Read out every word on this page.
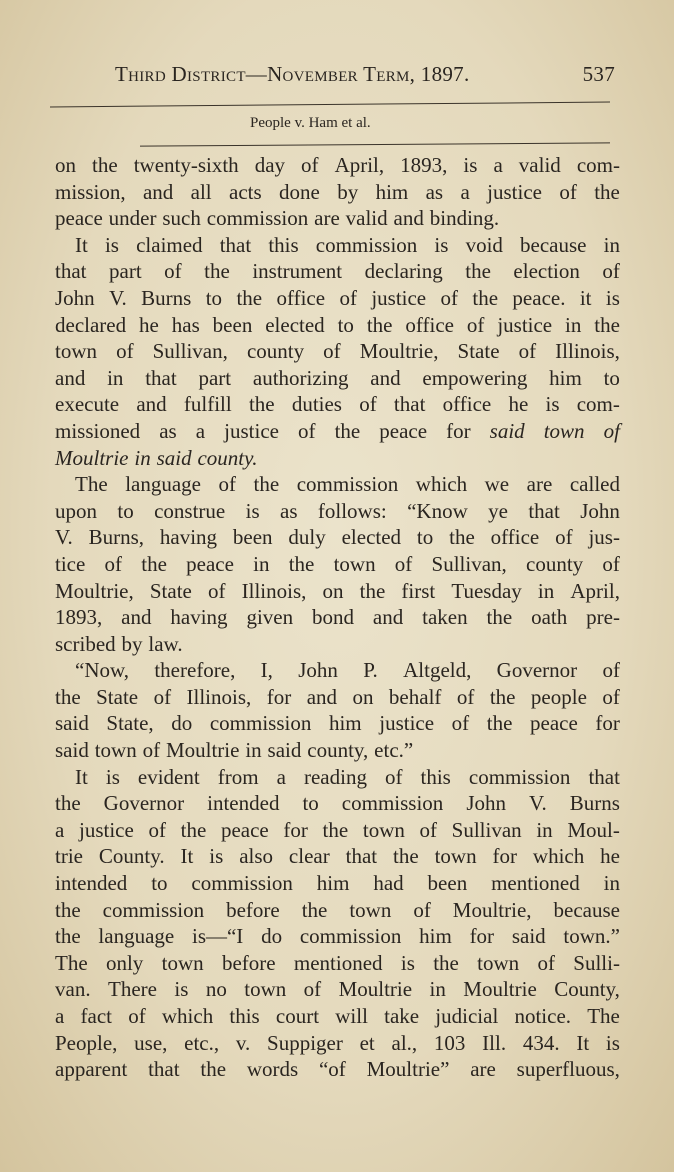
Third District—November Term, 1897.	537
People v. Ham et al.
on the twenty-sixth day of April, 1893, is a valid com-
mission, and all acts done by him as a justice of the
peace under such commission are valid and binding.
It is claimed that this commission is void because in
that part of the instrument declaring the election of
John V. Burns to the office of justice of the peace. it is
declared he has been elected to the office of justice in the
town of Sullivan, county of Moultrie, State of Illinois,
and in that part authorizing and empowering him to
execute and fulfill the duties of that office he is com-
missioned as a justice of the peace for said town of
Moultrie in said county.
The language of the commission which we are called
upon to construe is as follows: “Know ye that John
V. Burns, having been duly elected to the office of jus-
tice of the peace in the town of Sullivan, county of
Moultrie, State of Illinois, on the first Tuesday in April,
1893, and having given bond and taken the oath pre-
scribed by law.
“Now, therefore, I, John P. Altgeld, Governor of
the State of Illinois, for and on behalf of the people of
said State, do commission him justice of the peace for
said town of Moultrie in said county, etc.”
It is evident from a reading of this commission that
the Governor intended to commission John V. Burns
a justice of the peace for the town of Sullivan in Moul-
trie County. It is also clear that the town for which he
intended to commission him had been mentioned in
the commission before the town of Moultrie, because
the language is—“I do commission him for said town.”
The only town before mentioned is the town of Sulli-
van. There is no town of Moultrie in Moultrie County,
a fact of which this court will take judicial notice. The
People, use, etc., v. Suppiger et al., 103 Ill. 434. It is
apparent that the words “of Moultrie” are superfluous,
